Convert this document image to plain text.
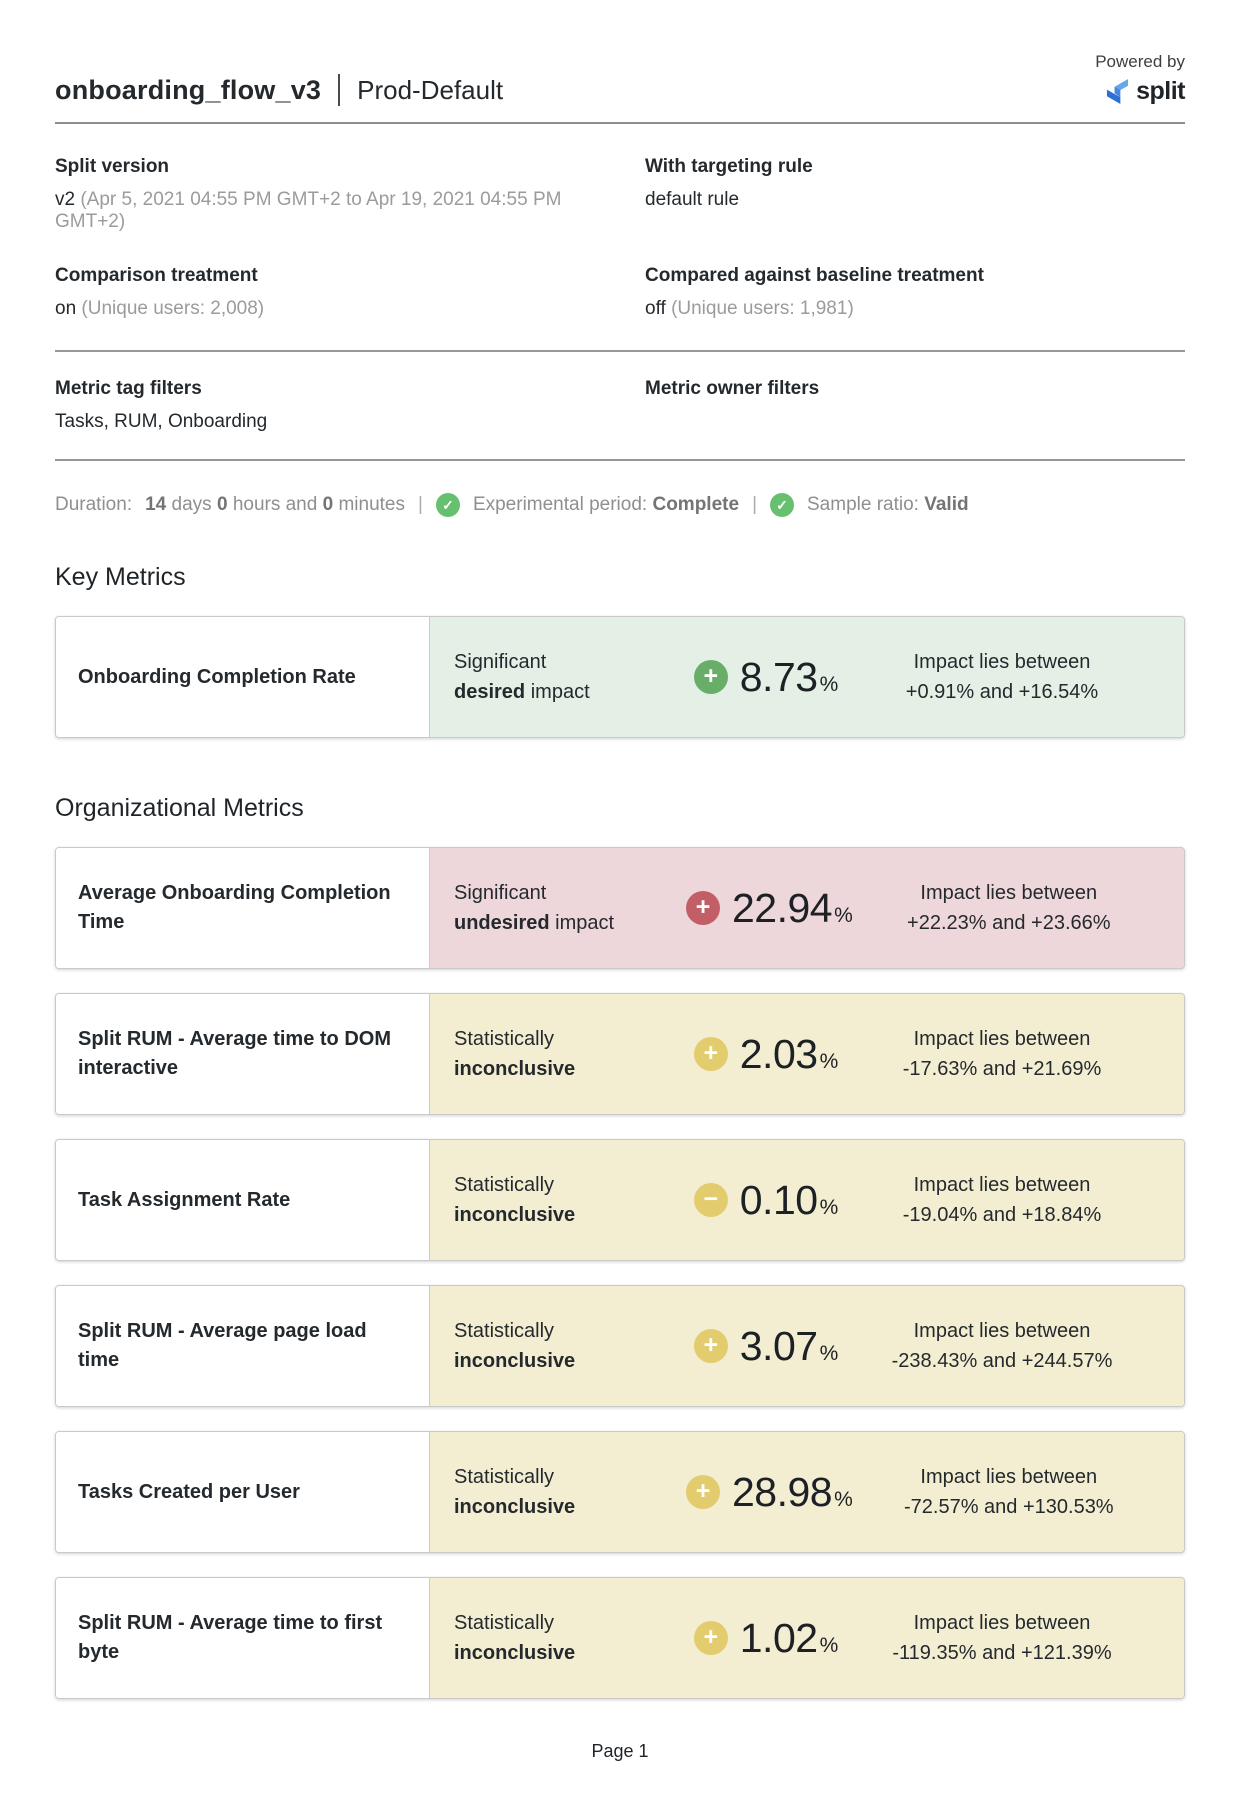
onboarding_flow_v3 Prod-Default
Powered by
split
Split version
v2 (Apr 5, 2021 04:55 PM GMT+2 to Apr 19, 2021 04:55 PM GMT+2)
With targeting rule
default rule
Comparison treatment
on (Unique users: 2,008)
Compared against baseline treatment
off (Unique users: 1,981)
Metric tag filters
Tasks, RUM, Onboarding
Metric owner filters
Duration: 14 days 0 hours and 0 minutes |	✓	Experimental period: Complete |	✓	Sample ratio: Valid
Key Metrics
Onboarding Completion Rate
Significant
desired impact
+ 8.73 %
Impact lies between
+0.91% and +16.54%
Organizational Metrics
Average Onboarding Completion Time
Significant
undesired impact
+ 22.94 %
Impact lies between
+22.23% and +23.66%
Split RUM - Average time to DOM interactive
Statistically
inconclusive
+ 2.03 %
Impact lies between
-17.63% and +21.69%
Task Assignment Rate
Statistically
inconclusive
− 0.10 %
Impact lies between
-19.04% and +18.84%
Split RUM - Average page load time
Statistically
inconclusive
+ 3.07 %
Impact lies between
-238.43% and +244.57%
Tasks Created per User
Statistically
inconclusive
+ 28.98 %
Impact lies between
-72.57% and +130.53%
Split RUM - Average time to first byte
Statistically
inconclusive
+ 1.02 %
Impact lies between
-119.35% and +121.39%
Page 1
